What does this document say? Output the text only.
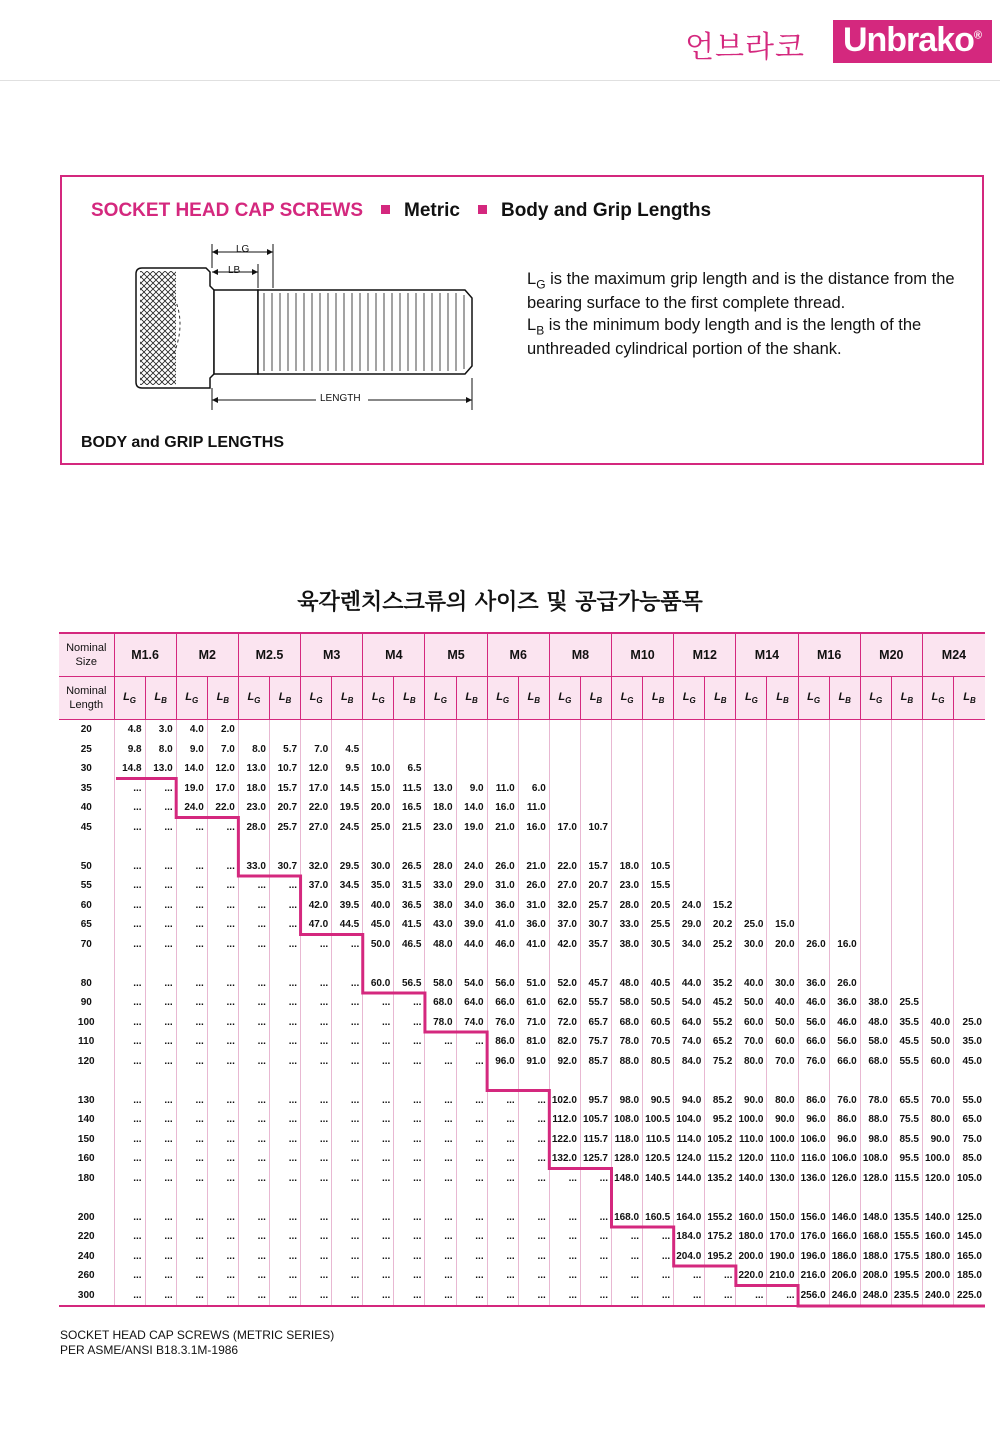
언브라코 Unbrako®
SOCKET HEAD CAP SCREWS Metric Body and Grip Lengths
LG
LB
LENGTH
$L_G$ is the maximum grip length and is the distance from the bearing surface to the first complete thread.
$L_B$ is the minimum body length and is the length of the unthreaded cylindrical portion of the shank.
BODY and GRIP LENGTHS
육각렌치스크류의 사이즈 및 공급가능품목
Nominal Size	M1.6		M2		M2.5		M3		M4		M5		M6		M8		M10		M12		M14		M16		M20		M24	
Nominal Length	$L_G$	$L_B$	$L_G$	$L_B$	$L_G$	$L_B$	$L_G$	$L_B$	$L_G$	$L_B$	$L_G$	$L_B$	$L_G$	$L_B$	$L_G$	$L_B$	$L_G$	$L_B$	$L_G$	$L_B$	$L_G$	$L_B$	$L_G$	$L_B$	$L_G$	$L_B$	$L_G$	$L_B$
20	4.8	3.0	4.0	2.0																								
25	9.8	8.0	9.0	7.0	8.0	5.7	7.0	4.5																				
30	14.8	13.0	14.0	12.0	13.0	10.7	12.0	9.5	10.0	6.5																		
35	...	...	19.0	17.0	18.0	15.7	17.0	14.5	15.0	11.5	13.0	9.0	11.0	6.0														
40	...	...	24.0	22.0	23.0	20.7	22.0	19.5	20.0	16.5	18.0	14.0	16.0	11.0														
45	...	...	...	...	28.0	25.7	27.0	24.5	25.0	21.5	23.0	19.0	21.0	16.0	17.0	10.7												

50	...	...	...	...	33.0	30.7	32.0	29.5	30.0	26.5	28.0	24.0	26.0	21.0	22.0	15.7	18.0	10.5										
55	...	...	...	...	...	...	37.0	34.5	35.0	31.5	33.0	29.0	31.0	26.0	27.0	20.7	23.0	15.5										
60	...	...	...	...	...	...	42.0	39.5	40.0	36.5	38.0	34.0	36.0	31.0	32.0	25.7	28.0	20.5	24.0	15.2								
65	...	...	...	...	...	...	47.0	44.5	45.0	41.5	43.0	39.0	41.0	36.0	37.0	30.7	33.0	25.5	29.0	20.2	25.0	15.0						
70	...	...	...	...	...	...	...	...	50.0	46.5	48.0	44.0	46.0	41.0	42.0	35.7	38.0	30.5	34.0	25.2	30.0	20.0	26.0	16.0				

80	...	...	...	...	...	...	...	...	60.0	56.5	58.0	54.0	56.0	51.0	52.0	45.7	48.0	40.5	44.0	35.2	40.0	30.0	36.0	26.0				
90	...	...	...	...	...	...	...	...	...	...	68.0	64.0	66.0	61.0	62.0	55.7	58.0	50.5	54.0	45.2	50.0	40.0	46.0	36.0	38.0	25.5		
100	...	...	...	...	...	...	...	...	...	...	78.0	74.0	76.0	71.0	72.0	65.7	68.0	60.5	64.0	55.2	60.0	50.0	56.0	46.0	48.0	35.5	40.0	25.0
110	...	...	...	...	...	...	...	...	...	...	...	...	86.0	81.0	82.0	75.7	78.0	70.5	74.0	65.2	70.0	60.0	66.0	56.0	58.0	45.5	50.0	35.0
120	...	...	...	...	...	...	...	...	...	...	...	...	96.0	91.0	92.0	85.7	88.0	80.5	84.0	75.2	80.0	70.0	76.0	66.0	68.0	55.5	60.0	45.0

130	...	...	...	...	...	...	...	...	...	...	...	...	...	...	102.0	95.7	98.0	90.5	94.0	85.2	90.0	80.0	86.0	76.0	78.0	65.5	70.0	55.0
140	...	...	...	...	...	...	...	...	...	...	...	...	...	...	112.0	105.7	108.0	100.5	104.0	95.2	100.0	90.0	96.0	86.0	88.0	75.5	80.0	65.0
150	...	...	...	...	...	...	...	...	...	...	...	...	...	...	122.0	115.7	118.0	110.5	114.0	105.2	110.0	100.0	106.0	96.0	98.0	85.5	90.0	75.0
160	...	...	...	...	...	...	...	...	...	...	...	...	...	...	132.0	125.7	128.0	120.5	124.0	115.2	120.0	110.0	116.0	106.0	108.0	95.5	100.0	85.0
180	...	...	...	...	...	...	...	...	...	...	...	...	...	...	...	...	148.0	140.5	144.0	135.2	140.0	130.0	136.0	126.0	128.0	115.5	120.0	105.0

200	...	...	...	...	...	...	...	...	...	...	...	...	...	...	...	...	168.0	160.5	164.0	155.2	160.0	150.0	156.0	146.0	148.0	135.5	140.0	125.0
220	...	...	...	...	...	...	...	...	...	...	...	...	...	...	...	...	...	...	184.0	175.2	180.0	170.0	176.0	166.0	168.0	155.5	160.0	145.0
240	...	...	...	...	...	...	...	...	...	...	...	...	...	...	...	...	...	...	204.0	195.2	200.0	190.0	196.0	186.0	188.0	175.5	180.0	165.0
260	...	...	...	...	...	...	...	...	...	...	...	...	...	...	...	...	...	...	...	...	220.0	210.0	216.0	206.0	208.0	195.5	200.0	185.0
300	...	...	...	...	...	...	...	...	...	...	...	...	...	...	...	...	...	...	...	...	...	...	256.0	246.0	248.0	235.5	240.0	225.0
SOCKET HEAD CAP SCREWS (METRIC SERIES)
PER ASME/ANSI B18.3.1M-1986
